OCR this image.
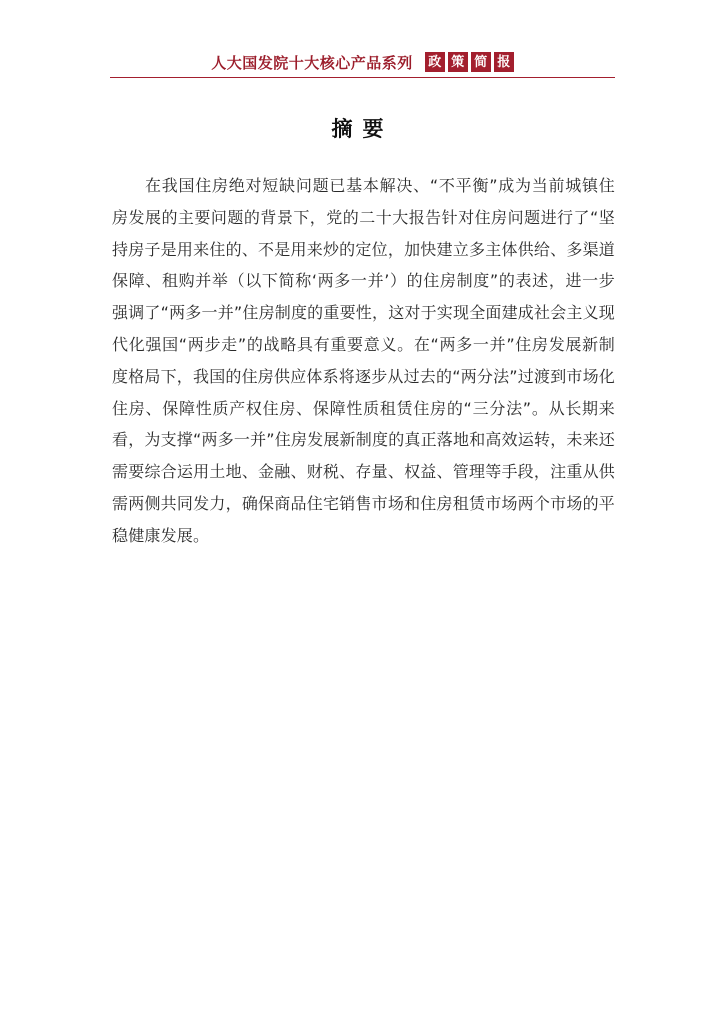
人大国发院十大核心产品系列 政 策 简 报
摘要

在我国住房绝对短缺问题已基本解决、“不平衡”成为当前城镇住房发展的主要问题的背景下，党的二十大报告针对住房问题进行了“坚持房子是用来住的、不是用来炒的定位，加快建立多主体供给、多渠道保障、租购并举（以下简称‘两多一并’）的住房制度”的表述，进一步强调了“两多一并”住房制度的重要性，这对于实现全面建成社会主义现代化强国“两步走”的战略具有重要意义。在“两多一并”住房发展新制度格局下，我国的住房供应体系将逐步从过去的“两分法”过渡到市场化住房、保障性质产权住房、保障性质租赁住房的“三分法”。从长期来看，为支撑“两多一并”住房发展新制度的真正落地和高效运转，未来还需要综合运用土地、金融、财税、存量、权益、管理等手段，注重从供需两侧共同发力，确保商品住宅销售市场和住房租赁市场两个市场的平稳健康发展。
